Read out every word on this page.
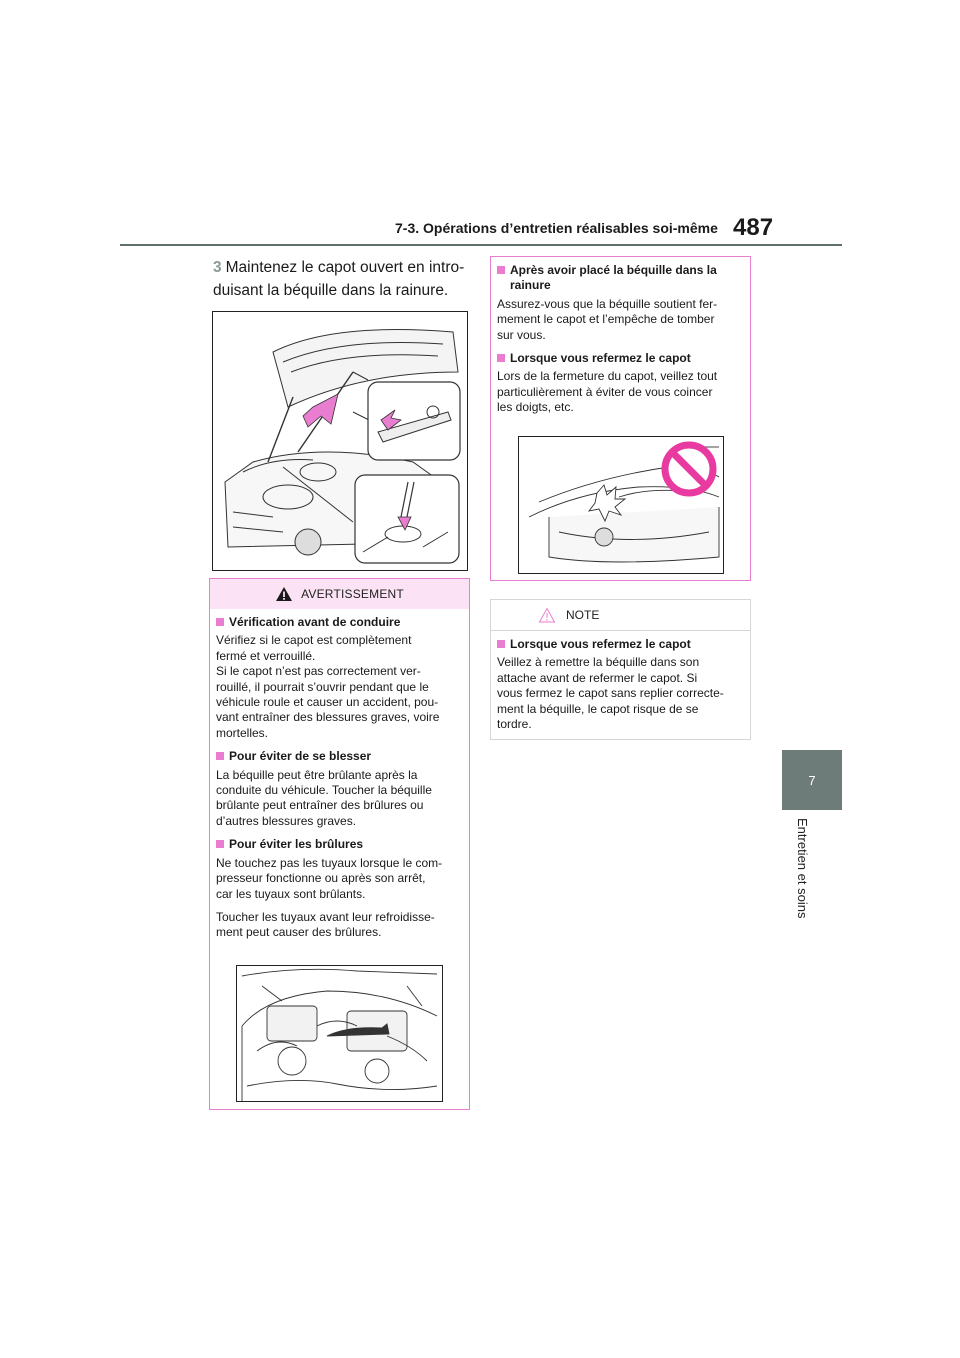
7-3. Opérations d’entretien réalisables soi-même 487
7
Entretien et soins
3 Maintenez le capot ouvert en intro-
duisant la béquille dans la rainure.
AVERTISSEMENT
Vérification avant de conduire
Vérifiez si le capot est complètement
fermé et verrouillé.
Si le capot n’est pas correctement ver-
rouillé, il pourrait s’ouvrir pendant que le
véhicule roule et causer un accident, pou-
vant entraîner des blessures graves, voire
mortelles.
Pour éviter de se blesser
La béquille peut être brûlante après la
conduite du véhicule. Toucher la béquille
brûlante peut entraîner des brûlures ou
d’autres blessures graves.
Pour éviter les brûlures
Ne touchez pas les tuyaux lorsque le com-
presseur fonctionne ou après son arrêt,
car les tuyaux sont brûlants.
Toucher les tuyaux avant leur refroidisse-
ment peut causer des brûlures.
Après avoir placé la béquille dans la
rainure
Assurez-vous que la béquille soutient fer-
mement le capot et l’empêche de tomber
sur vous.
Lorsque vous refermez le capot
Lors de la fermeture du capot, veillez tout
particulièrement à éviter de vous coincer
les doigts, etc.
NOTE
Lorsque vous refermez le capot
Veillez à remettre la béquille dans son
attache avant de refermer le capot. Si
vous fermez le capot sans replier correcte-
ment la béquille, le capot risque de se
tordre.
